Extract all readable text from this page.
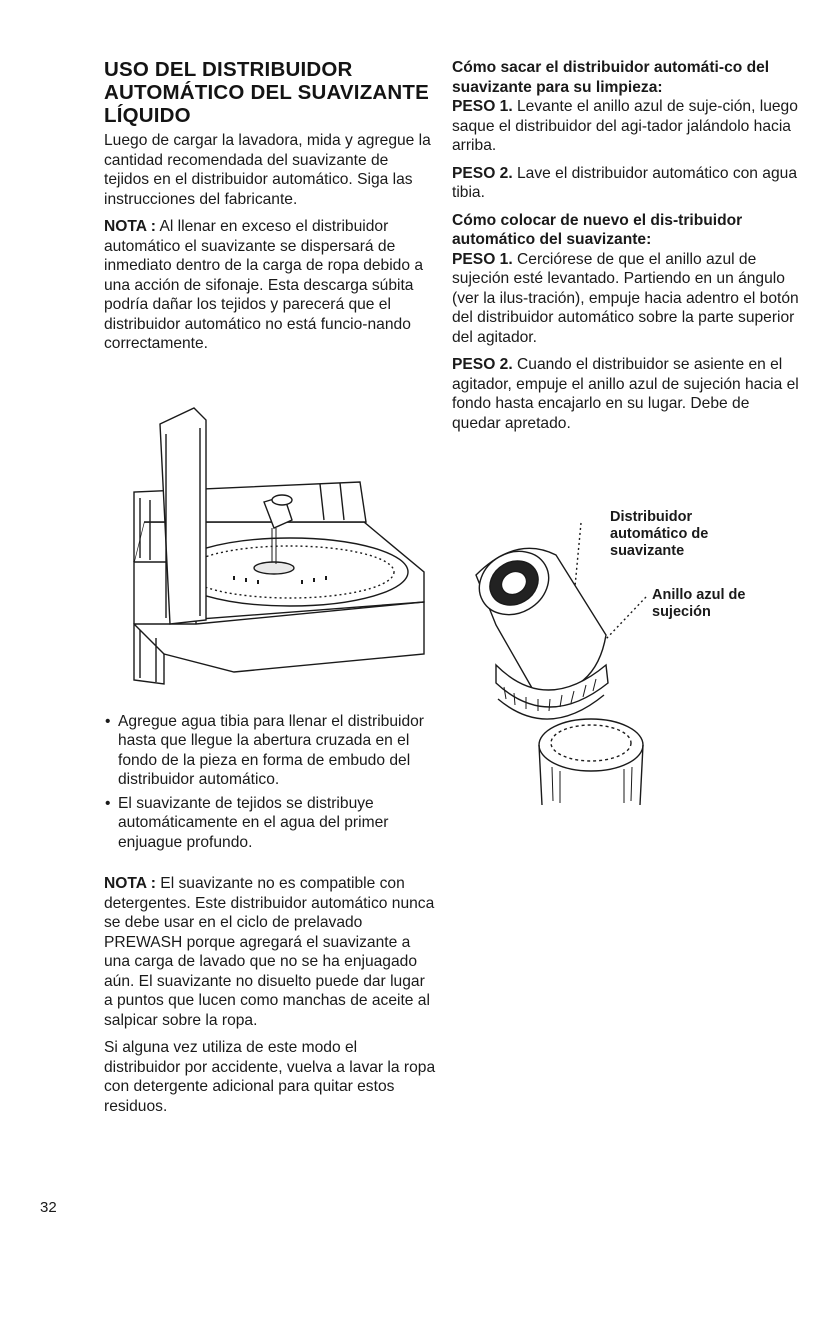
USO DEL DISTRIBUIDOR
AUTOMÁTICO DEL SUAVIZANTE
LÍQUIDO

Luego de cargar la lavadora, mida y agregue la cantidad recomendada del suavizante de tejidos en el distribuidor automático. Siga las instrucciones del fabricante.

NOTA : Al llenar en exceso el distribuidor automático el suavizante se dispersará de inmediato dentro de la carga de ropa debido a una acción de sifonaje. Esta descarga súbita podría dañar los tejidos y parecerá que el distribuidor automático no está funcio-nando correctamente.

• Agregue agua tibia para llenar el distribuidor hasta que llegue la abertura cruzada en el fondo de la pieza en forma de embudo del distribuidor automático.
• El suavizante de tejidos se distribuye automáticamente en el agua del primer enjuague profundo.

NOTA : El suavizante no es compatible con detergentes. Este distribuidor automático nunca se debe usar en el ciclo de prelavado PREWASH porque agregará el suavizante a una carga de lavado que no se ha enjuagado aún. El suavizante no disuelto puede dar lugar a puntos que lucen como manchas de aceite al salpicar sobre la ropa.

Si alguna vez utiliza de este modo el distribuidor por accidente, vuelva a lavar la ropa con detergente adicional para quitar estos residuos.

Cómo sacar el distribuidor automáti-co del suavizante para su limpieza:

PESO 1. Levante el anillo azul de suje-ción, luego saque el distribuidor del agi-tador jalándolo hacia arriba.

PESO 2. Lave el distribuidor automático con agua tibia.

Cómo colocar de nuevo el dis-tribuidor automático del suavizante:

PESO 1. Cerciórese de que el anillo azul de sujeción esté levantado. Partiendo en un ángulo (ver la ilus-tración), empuje hacia adentro el botón del distribuidor automático sobre la parte superior del agitador.

PESO 2. Cuando el distribuidor se asiente en el agitador, empuje el anillo azul de sujeción hacia el fondo hasta encajarlo en su lugar. Debe de quedar apretado.

Distribuidor
automático de
suavizante
Anillo azul de
sujeción
32
